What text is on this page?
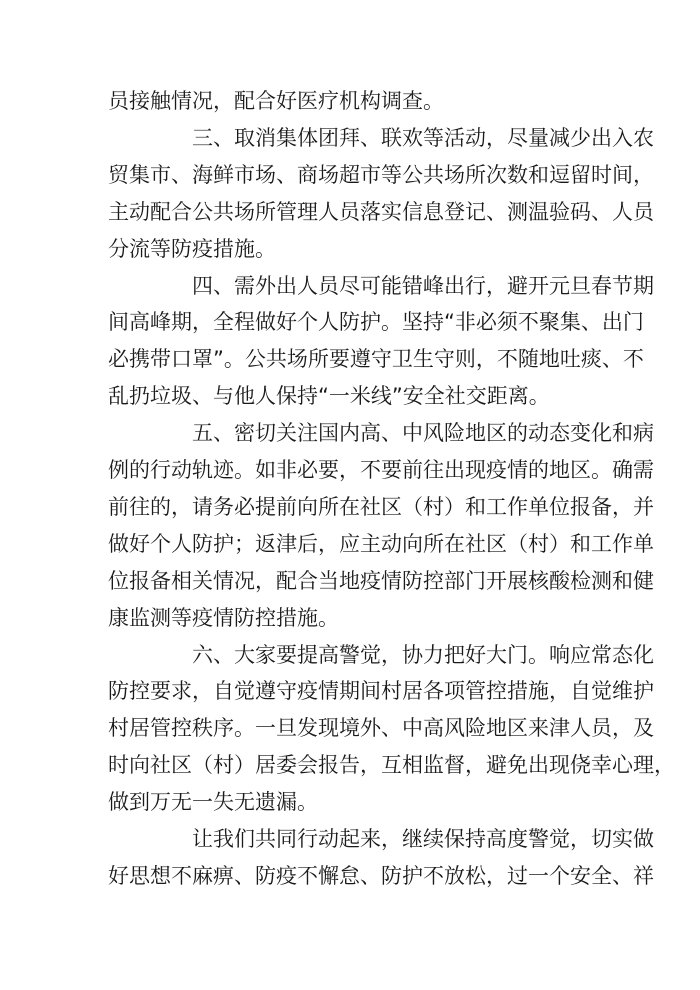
员接触情况，配合好医疗机构调查。
三、取消集体团拜、联欢等活动，尽量减少出入农
贸集市、海鲜市场、商场超市等公共场所次数和逗留时间，
主动配合公共场所管理人员落实信息登记、测温验码、人员
分流等防疫措施。
四、需外出人员尽可能错峰出行，避开元旦春节期
间高峰期，全程做好个人防护。坚持“非必须不聚集、出门
必携带口罩”。公共场所要遵守卫生守则，不随地吐痰、不
乱扔垃圾、与他人保持“一米线”安全社交距离。
五、密切关注国内高、中风险地区的动态变化和病
例的行动轨迹。如非必要，不要前往出现疫情的地区。确需
前往的，请务必提前向所在社区（村）和工作单位报备，并
做好个人防护；返津后，应主动向所在社区（村）和工作单
位报备相关情况，配合当地疫情防控部门开展核酸检测和健
康监测等疫情防控措施。
六、大家要提高警觉，协力把好大门。响应常态化
防控要求，自觉遵守疫情期间村居各项管控措施，自觉维护
村居管控秩序。一旦发现境外、中高风险地区来津人员，及
时向社区（村）居委会报告，互相监督，避免出现侥幸心理，
做到万无一失无遗漏。
让我们共同行动起来，继续保持高度警觉，切实做
好思想不麻痹、防疫不懈怠、防护不放松，过一个安全、祥
